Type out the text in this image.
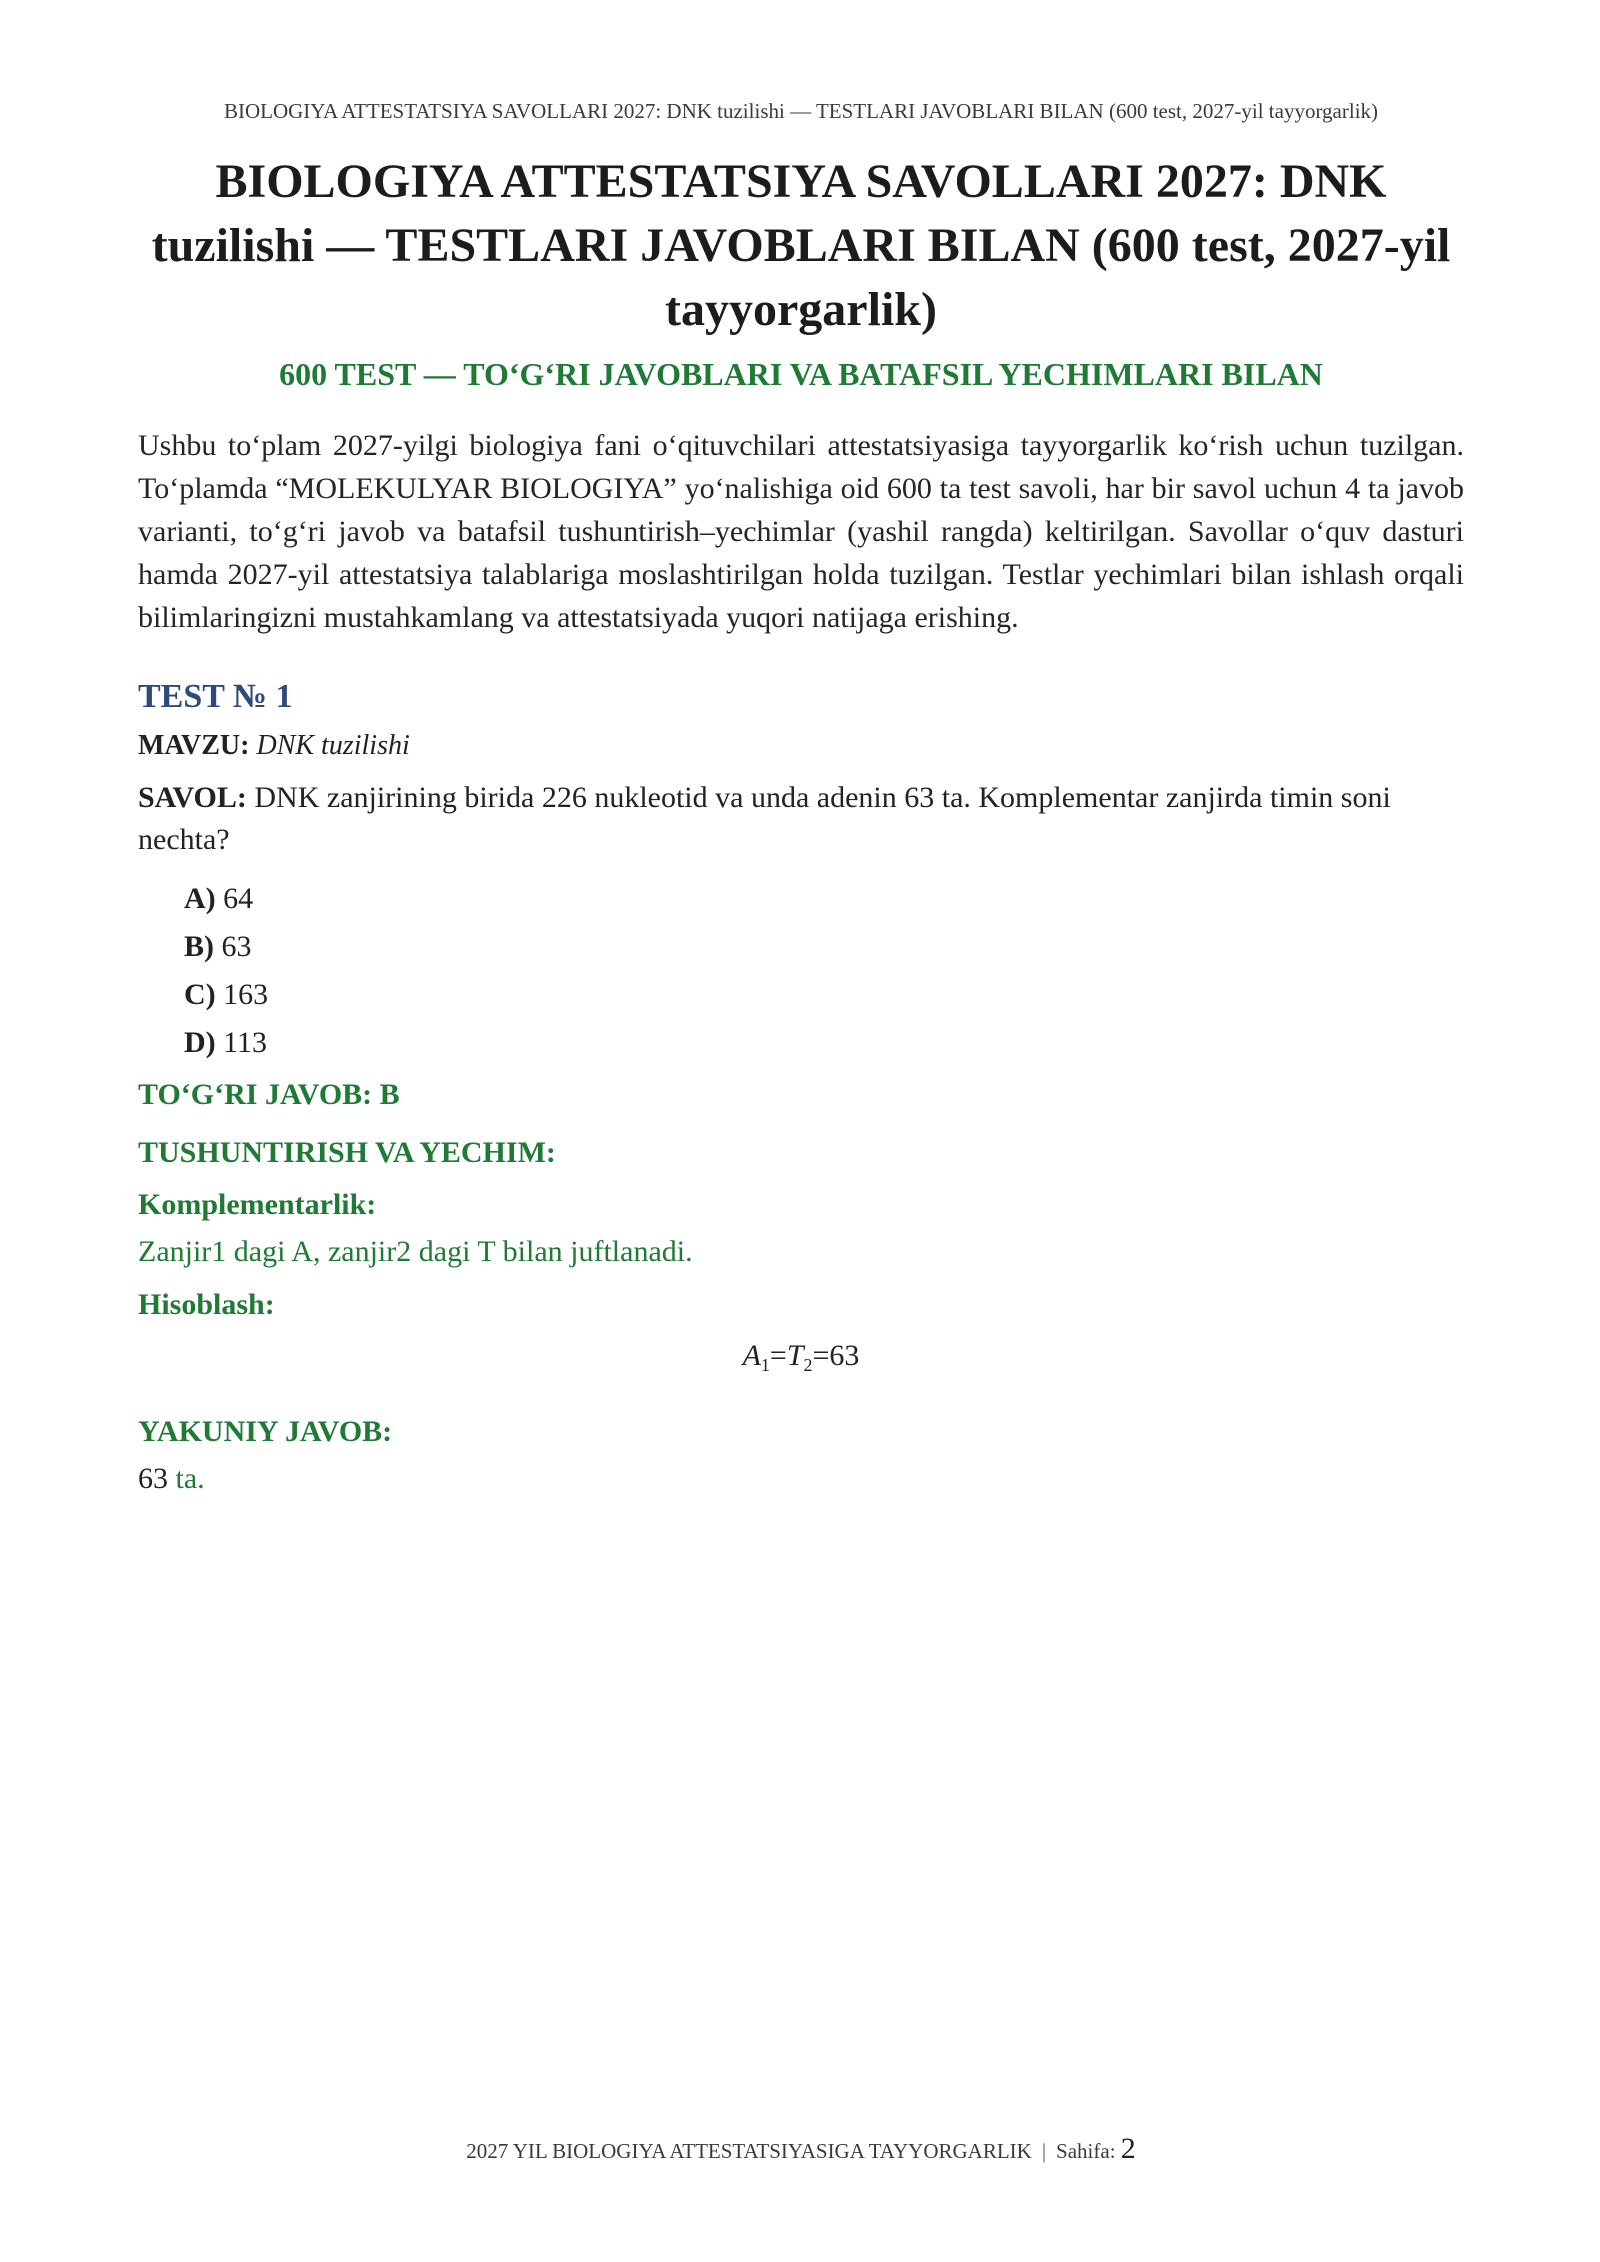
BIOLOGIYA ATTESTATSIYA SAVOLLARI 2027: DNK tuzilishi — TESTLARI JAVOBLARI BILAN (600 test, 2027-yil tayyorgarlik)
BIOLOGIYA ATTESTATSIYA SAVOLLARI 2027: DNK tuzilishi — TESTLARI JAVOBLARI BILAN (600 test, 2027-yil tayyorgarlik)
600 TEST — TO‘G‘RI JAVOBLARI VA BATAFSIL YECHIMLARI BILAN

Ushbu to‘plam 2027-yilgi biologiya fani o‘qituvchilari attestatsiyasiga tayyorgarlik ko‘rish uchun tuzilgan. To‘plamda “MOLEKULYAR BIOLOGIYA” yo‘nalishiga oid 600 ta test savoli, har bir savol uchun 4 ta javob varianti, to‘g‘ri javob va batafsil tushuntirish–yechimlar (yashil rangda) keltirilgan. Savollar o‘quv dasturi hamda 2027-yil attestatsiya talablariga moslashtirilgan holda tuzilgan. Testlar yechimlari bilan ishlash orqali bilimlaringizni mustahkamlang va attestatsiyada yuqori natijaga erishing.

TEST № 1
MAVZU: DNK tuzilishi
SAVOL: DNK zanjirining birida 226 nukleotid va unda adenin 63 ta. Komplementar zanjirda timin soni nechta?
A) 64
B) 63
C) 163
D) 113
TO‘G‘RI JAVOB: B
TUSHUNTIRISH VA YECHIM:
Komplementarlik:
Zanjir1 dagi A, zanjir2 dagi T bilan juftlanadi.
Hisoblash:
$A_1=T_2=63$
YAKUNIY JAVOB:
63 ta.
2027 YIL BIOLOGIYA ATTESTATSIYASIGA TAYYORGARLIK | Sahifa: 2
